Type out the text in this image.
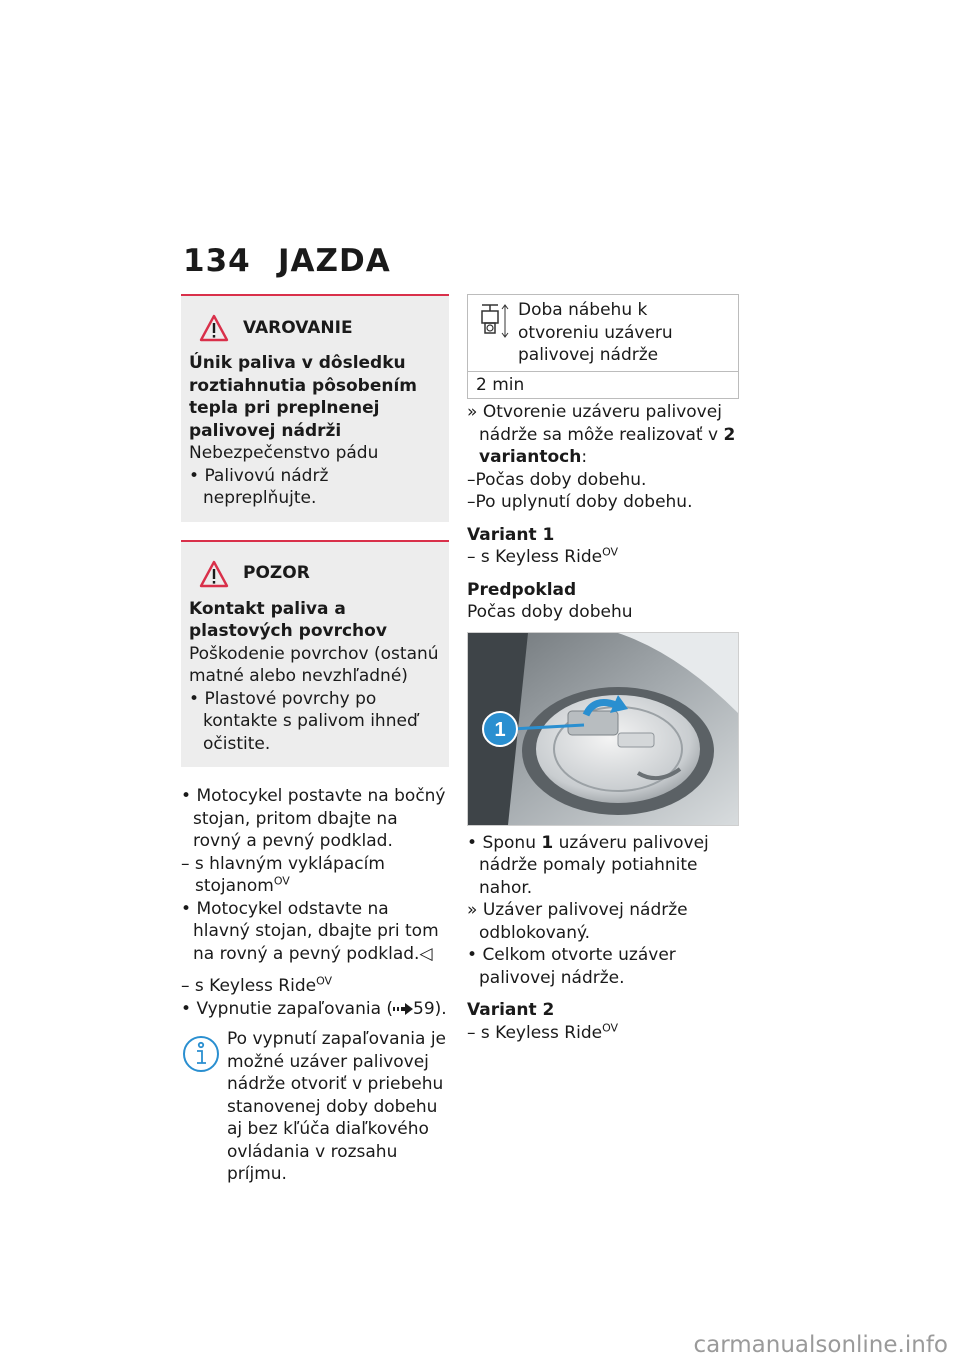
134 JAZDA
VAROVANIE
Únik paliva v dôsledku roztiahnutia pôsobením tepla pri preplnenej palivovej nádrži
Nebezpečenstvo pádu
• Palivovú nádrž nepreplňujte.
POZOR
Kontakt paliva a plastových povrchov
Poškodenie povrchov (ostanú matné alebo nevzhľadné)
• Plastové povrchy po kontakte s palivom ihneď očistite.
• Motocykel postavte na bočný stojan, pritom dbajte na rovný a pevný podklad.
– s hlavným vyklápacím stojanom$^{OV}$
• Motocykel odstavte na hlavný stojan, dbajte pri tom na rovný a pevný podklad.◁
– s Keyless Ride$^{OV}$
• Vypnutie zapaľovania ( 59).
Po vypnutí zapaľovania je možné uzáver palivovej nádrže otvoriť v priebehu stanovenej doby dobehu aj bez kľúča diaľkového ovládania v rozsahu príjmu.
Doba nábehu k otvoreniu uzáveru palivovej nádrže
2 min
» Otvorenie uzáveru palivovej nádrže sa môže realizovať v 2 variantoch:
–Počas doby dobehu.
–Po uplynutí doby dobehu.
Variant 1
– s Keyless Ride$^{OV}$
Predpoklad
Počas doby dobehu
1
• Sponu 1 uzáveru palivovej nádrže pomaly potiahnite nahor.
» Uzáver palivovej nádrže odblokovaný.
• Celkom otvorte uzáver palivovej nádrže.
Variant 2
– s Keyless Ride$^{OV}$
carmanualsonline.info
